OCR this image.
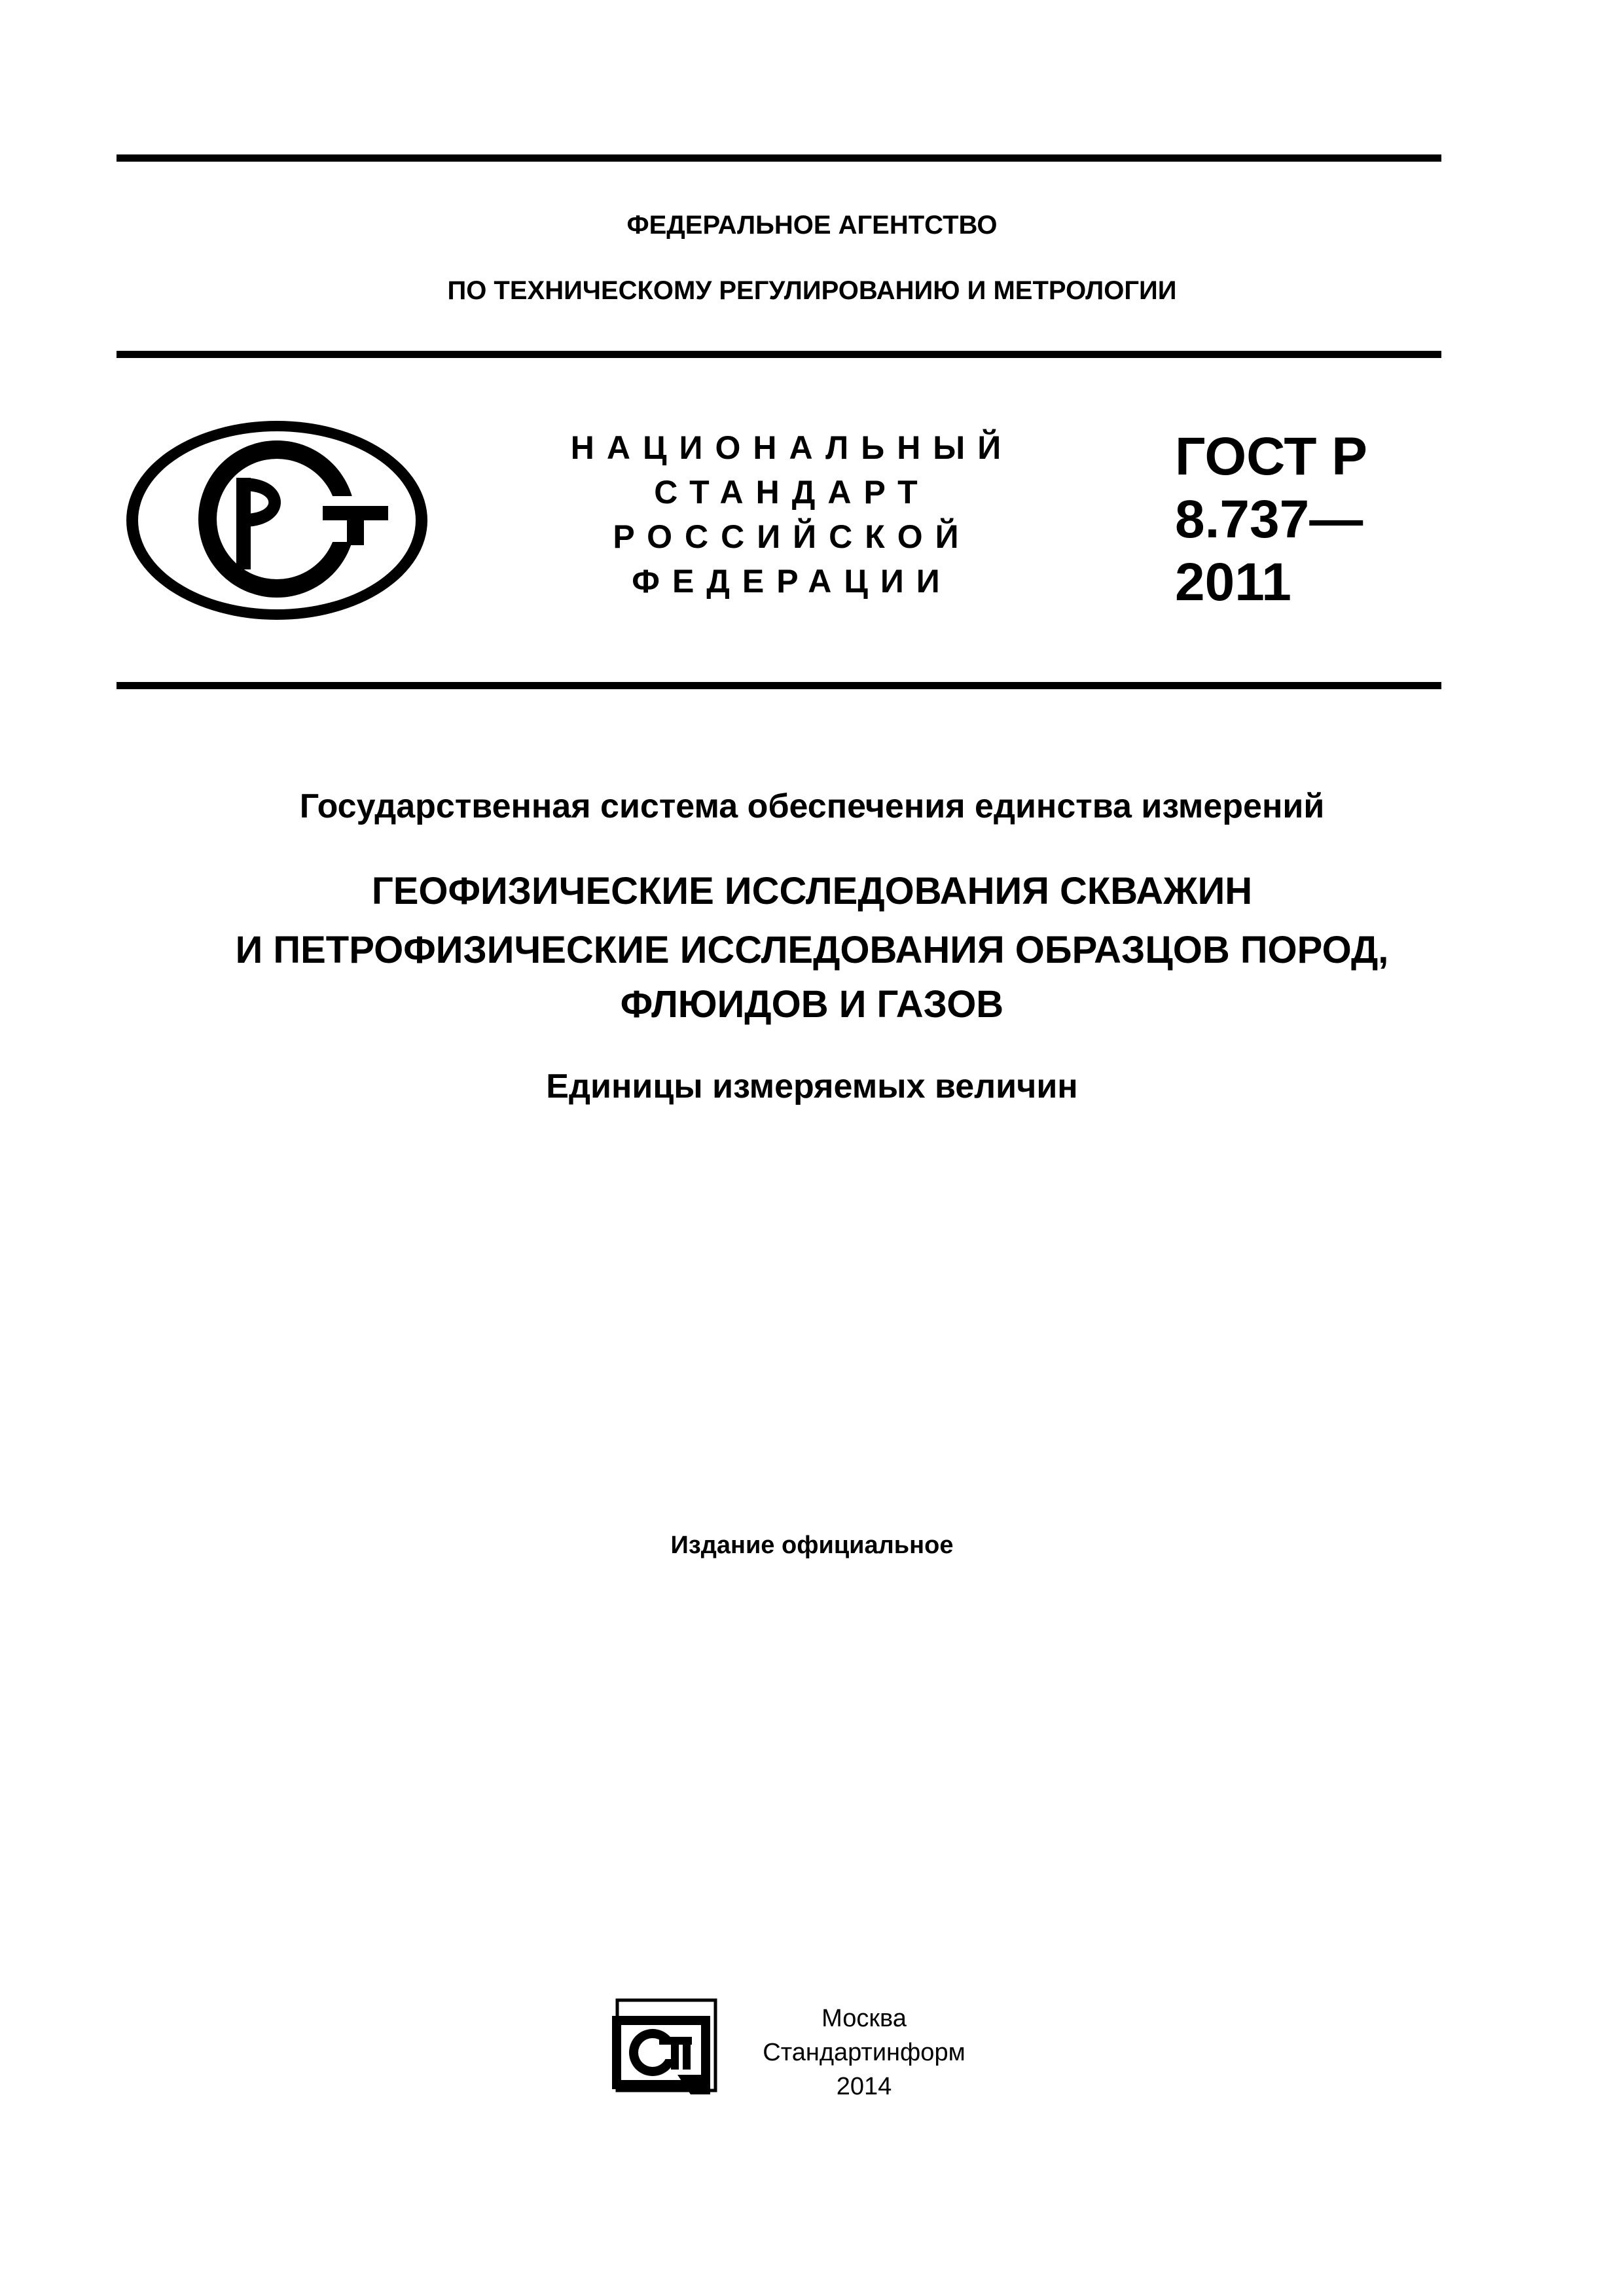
ФЕДЕРАЛЬНОЕ АГЕНТСТВО
ПО ТЕХНИЧЕСКОМУ РЕГУЛИРОВАНИЮ И МЕТРОЛОГИИ
НАЦИОНАЛЬНЫЙ
СТАНДАРТ
РОССИЙСКОЙ
ФЕДЕРАЦИИ
ГОСТ Р
8.737—
2011
Государственная система обеспечения единства измерений
ГЕОФИЗИЧЕСКИЕ ИССЛЕДОВАНИЯ СКВАЖИН
И ПЕТРОФИЗИЧЕСКИЕ ИССЛЕДОВАНИЯ ОБРАЗЦОВ ПОРОД,
ФЛЮИДОВ И ГАЗОВ
Единицы измеряемых величин
Издание официальное
Москва
Стандартинформ
2014
